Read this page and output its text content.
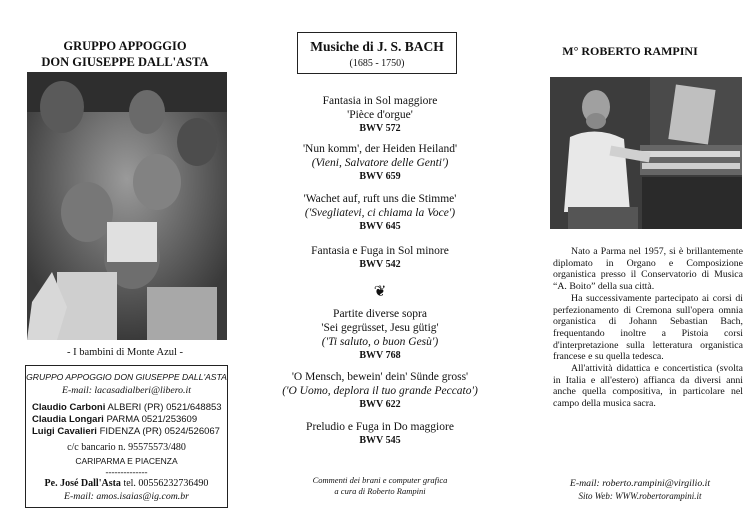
GRUPPO APPOGGIO
DON GIUSEPPE DALL'ASTA
- I bambini di Monte Azul -
GRUPPO APPOGGIO DON GIUSEPPE DALL'ASTA
E-mail: lacasadialberi@libero.it
Claudio Carboni ALBERI (PR) 0521/648853
Claudia Longari PARMA 0521/253609
Luigi Cavalieri FIDENZA (PR) 0524/526067
c/c bancario n. 95575573/480
CARIPARMA E PIACENZA
--------------
Pe. José Dall'Asta tel. 00556232736490
E-mail: amos.isaias@ig.com.br
Musiche di J. S. BACH
(1685 - 1750)
Fantasia in Sol maggiore
'Pièce d'orgue'
BWV 572
'Nun komm', der Heiden Heiland'
(Vieni, Salvatore delle Genti')
BWV 659
'Wachet auf, ruft uns die Stimme'
('Svegliatevi, ci chiama la Voce')
BWV 645
Fantasia e Fuga in Sol minore
BWV 542
❦
Partite diverse sopra
'Sei gegrüsset, Jesu gütig'
('Ti saluto, o buon Gesù')
BWV 768
'O Mensch, bewein' dein' Sünde gross'
('O Uomo, deplora il tuo grande Peccato')
BWV 622
Preludio e Fuga in Do maggiore
BWV 545
Commenti dei brani e computer grafica
a cura di Roberto Rampini
M° ROBERTO RAMPINI

Nato a Parma nel 1957, si è brillantemente diplomato in Organo e Composizione organistica presso il Conservatorio di Musica “A. Boito” della sua città.

Ha successivamente partecipato ai corsi di perfezionamento di Cremona sull'opera omnia organistica di Johann Sebastian Bach, frequentando inoltre a Pistoia corsi d'interpretazione sulla letteratura organistica francese e su quella tedesca.

All'attività didattica e concertistica (svolta in Italia e all'estero) affianca da diversi anni anche quella compositiva, in particolare nel campo della musica sacra.

E-mail: roberto.rampini@virgilio.it
Sito Web: WWW.robertorampini.it
